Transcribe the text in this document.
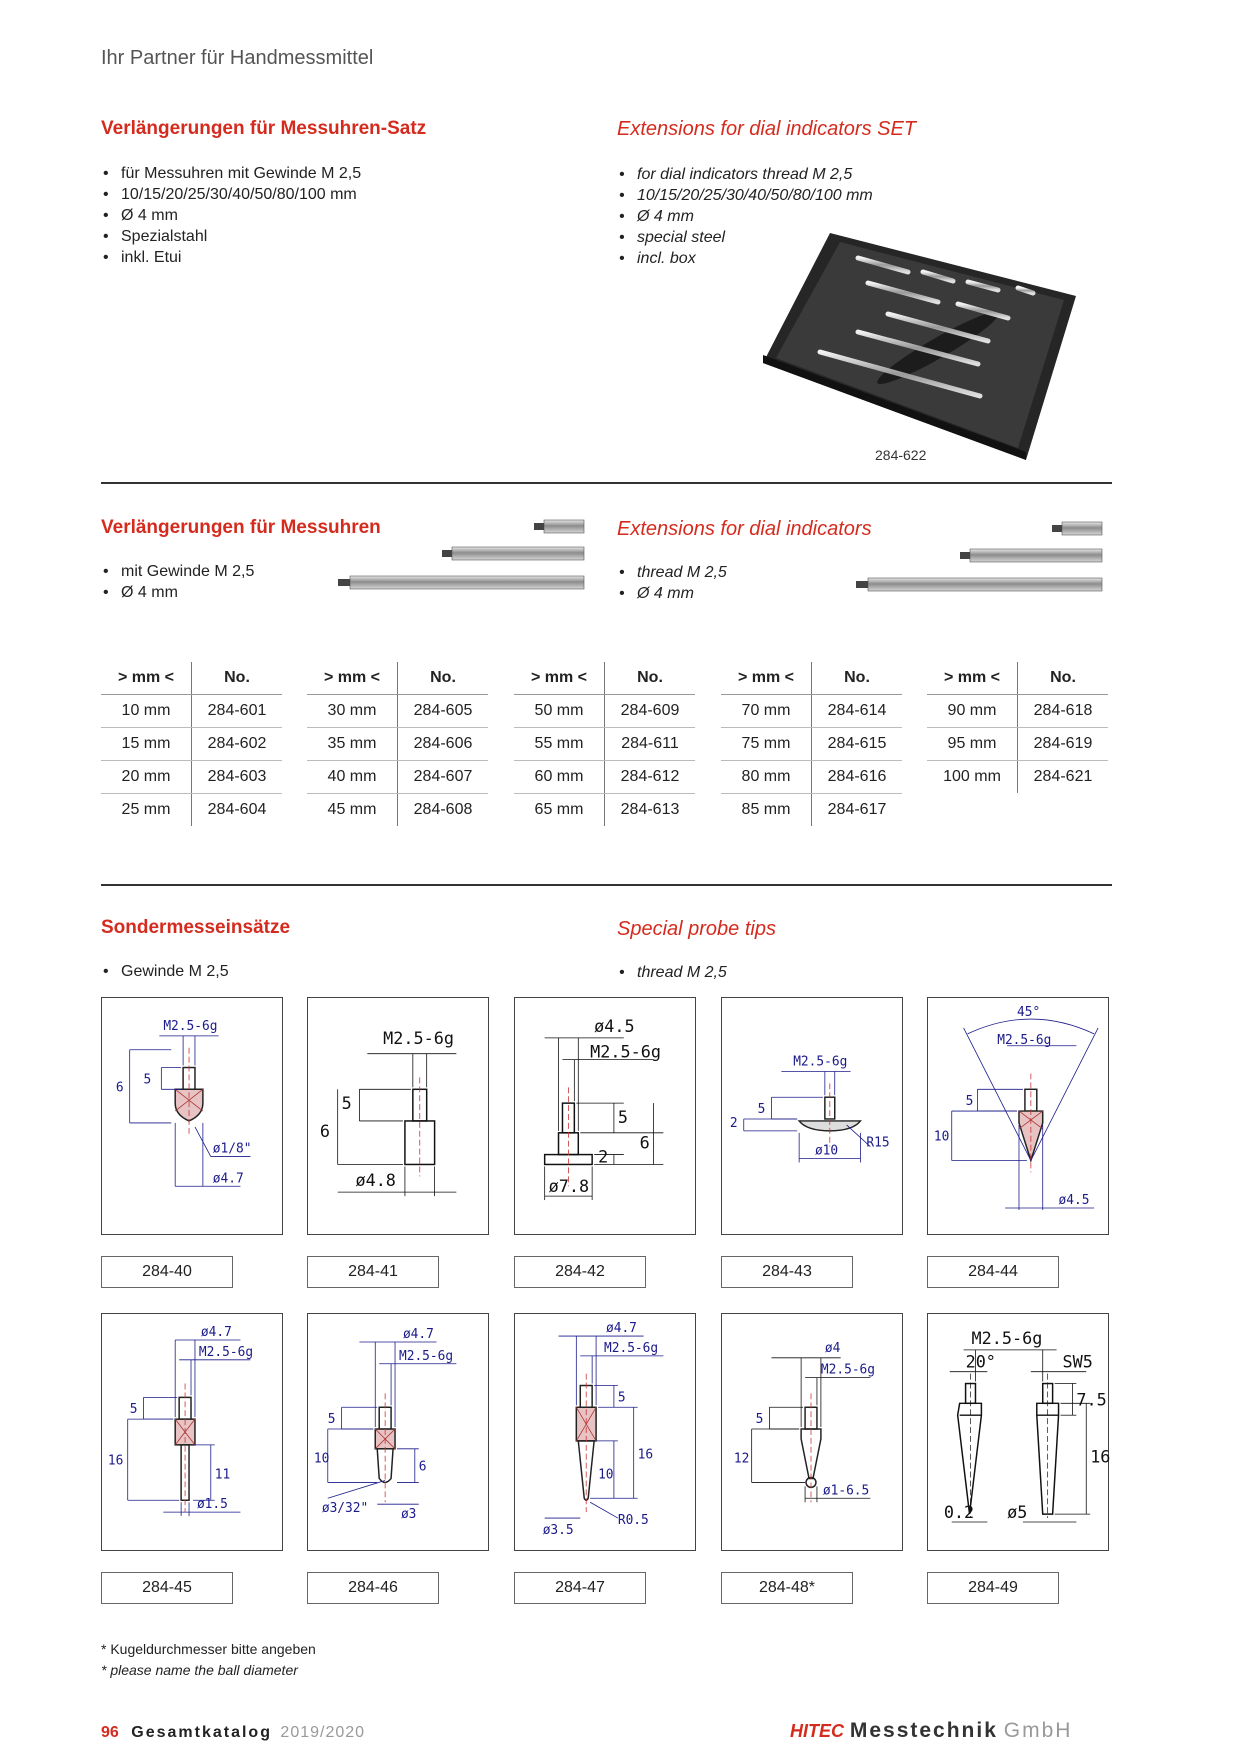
Ihr Partner für Handmessmittel
Verlängerungen für Messuhren-Satz	Extensions for dial indicators SET
• für Messuhren mit Gewinde M 2,5
• 10/15/20/25/30/40/50/80/100 mm
• Ø 4 mm
• Spezialstahl
• inkl. Etui
• for dial indicators thread M 2,5
• 10/15/20/25/30/40/50/80/100 mm
• Ø 4 mm
• special steel
• incl. box
284-622
Verlängerungen für Messuhren	Extensions for dial indicators
• mit Gewinde M 2,5
• Ø 4 mm
• thread M 2,5
• Ø 4 mm
> mm <	No.
10 mm	284-601
15 mm	284-602
20 mm	284-603
25 mm	284-604
> mm <	No.
30 mm	284-605
35 mm	284-606
40 mm	284-607
45 mm	284-608
> mm <	No.
50 mm	284-609
55 mm	284-611
60 mm	284-612
65 mm	284-613
> mm <	No.
70 mm	284-614
75 mm	284-615
80 mm	284-616
85 mm	284-617
> mm <	No.
90 mm	284-618
95 mm	284-619
100 mm	284-621
Sondermesseinsätze	Special probe tips
• Gewinde M 2,5	• thread M 2,5
M2.5-6g
5
6
ø1/8"
ø4.7
M2.5-6g
5
6
ø4.8
ø4.5
M2.5-6g
5
2
6
ø7.8
M2.5-6g
5
2
ø10
R15
45°
M2.5-6g
5
10
ø4.5
284-40	284-41	284-42	284-43	284-44
ø4.7
M2.5-6g
5
16
11
ø1.5
ø4.7
M2.5-6g
5
10
6
ø3/32"	ø3
ø4.7
M2.5-6g
5
16
10
ø3.5
R0.5
ø4
M2.5-6g
5
12
ø1-6.5
M2.5-6g
20°	SW5
7.5
16
0.2 ø5
284-45	284-46	284-47	284-48*	284-49
* Kugeldurchmesser bitte angeben
* please name the ball diameter
96 Gesamtkatalog 2019/2020	HITEC Messtechnik GmbH
